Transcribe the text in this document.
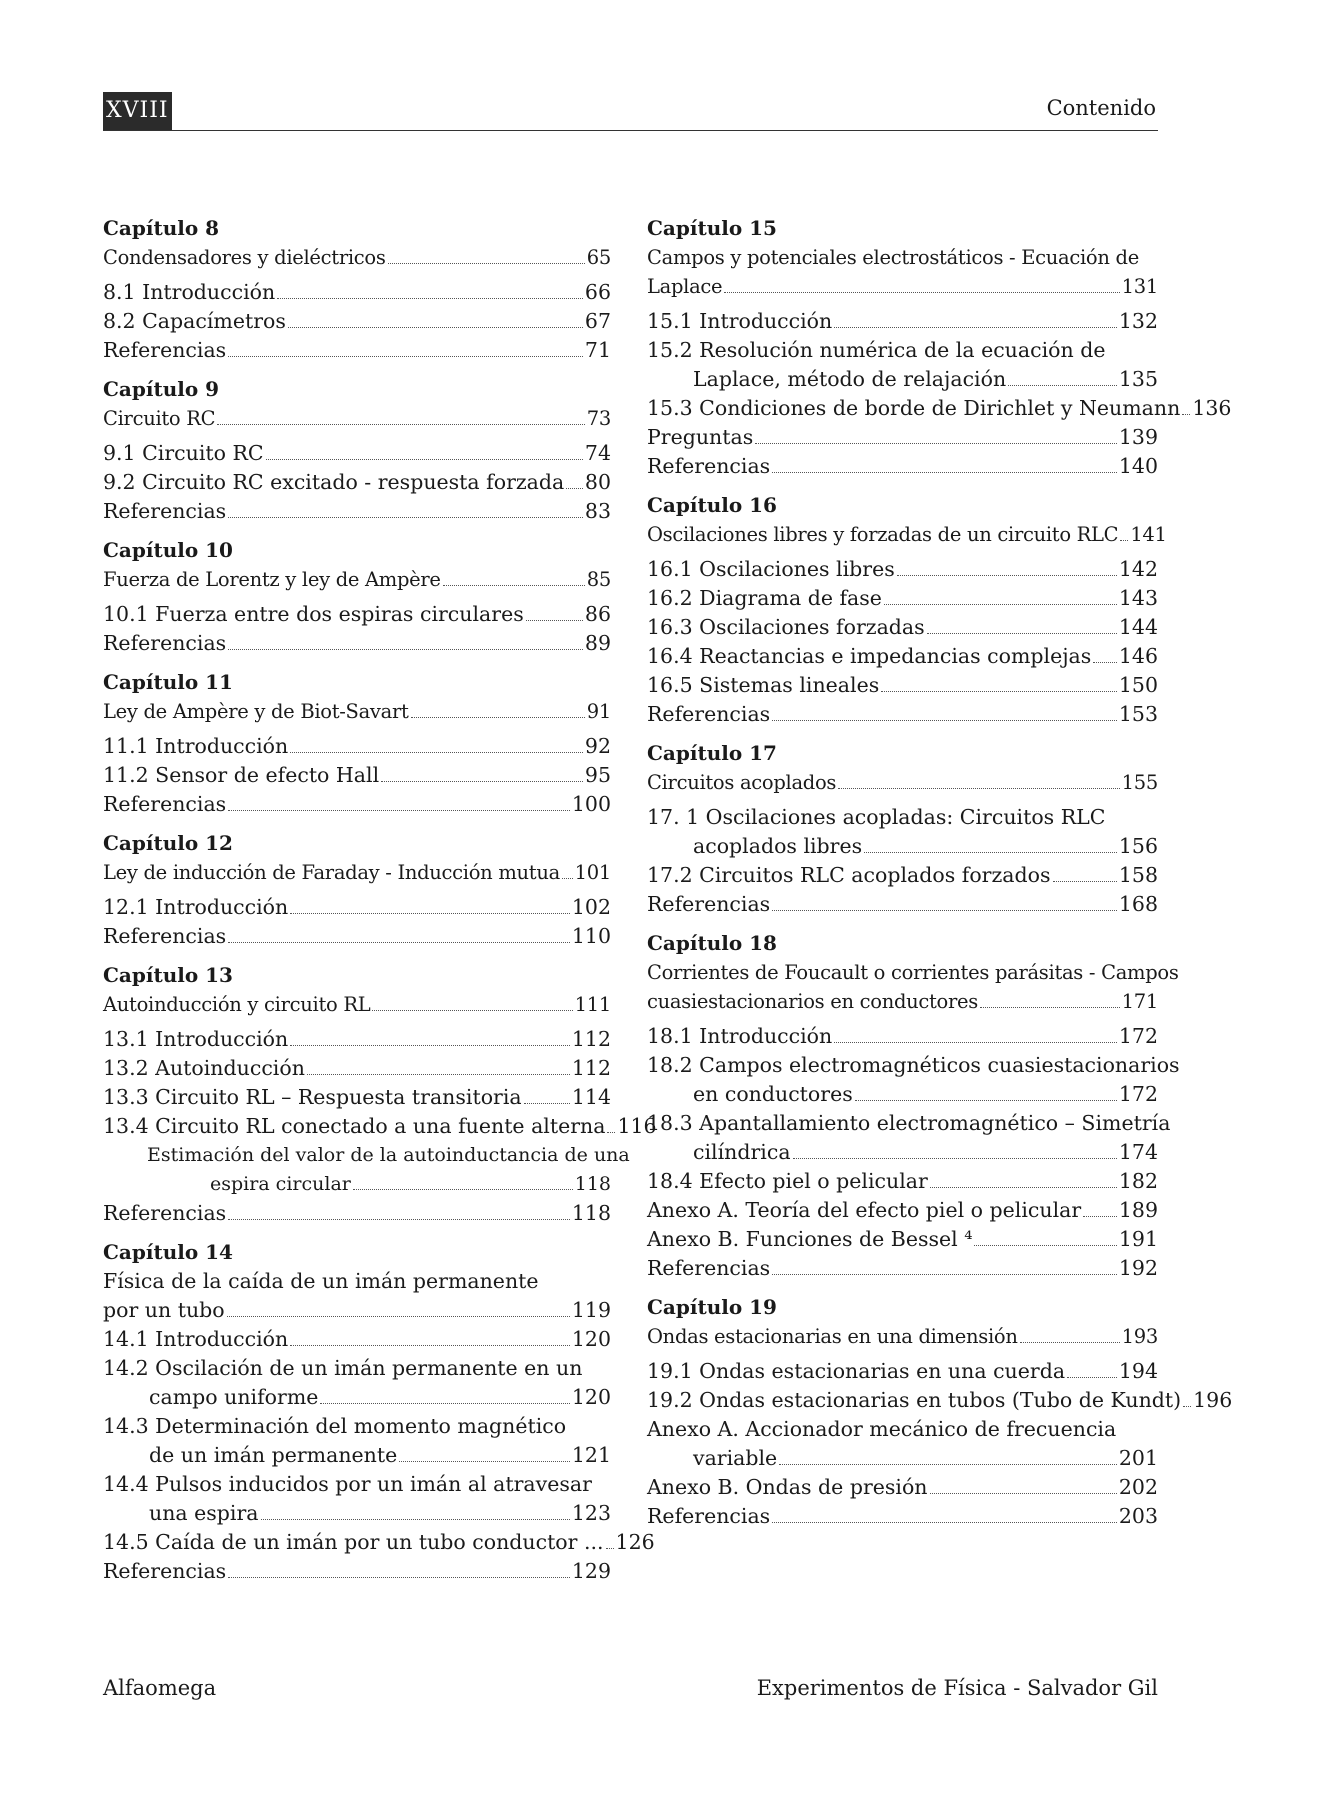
XVIII	Contenido
Capítulo 8
Condensadores y dieléctricos	65
8.1 Introducción	66
8.2 Capacímetros	67
Referencias	71
Capítulo 9
Circuito RC	73
9.1 Circuito RC	74
9.2 Circuito RC excitado - respuesta forzada 80
Referencias	83
Capítulo 10
Fuerza de Lorentz y ley de Ampère	85
10.1 Fuerza entre dos espiras circulares	86
Referencias	89
Capítulo 11
Ley de Ampère y de Biot-Savart	91
11.1 Introducción	92
11.2 Sensor de efecto Hall	95
Referencias	100
Capítulo 12
Ley de inducción de Faraday - Inducción mutua 101
12.1 Introducción	102
Referencias	110
Capítulo 13
Autoinducción y circuito RL	111
13.1 Introducción	112
13.2 Autoinducción	112
13.3 Circuito RL – Respuesta transitoria 114
13.4 Circuito RL conectado a una fuente alterna 116
Estimación del valor de la autoinductancia de una
espira circular	118
Referencias	118
Capítulo 14
Física de la caída de un imán permanente
por un tubo	119
14.1 Introducción	120
14.2 Oscilación de un imán permanente en un
campo uniforme	120
14.3 Determinación del momento magnético
de un imán permanente	121
14.4 Pulsos inducidos por un imán al atravesar
una espira	123
14.5 Caída de un imán por un tubo conductor ... 126
Referencias	129
Capítulo 15
Campos y potenciales electrostáticos - Ecuación de
Laplace	131
15.1 Introducción	132
15.2 Resolución numérica de la ecuación de
Laplace, método de relajación	135
15.3 Condiciones de borde de Dirichlet y Neumann 136
Preguntas	139
Referencias	140
Capítulo 16
Oscilaciones libres y forzadas de un circuito RLC 141
16.1 Oscilaciones libres	142
16.2 Diagrama de fase	143
16.3 Oscilaciones forzadas	144
16.4 Reactancias e impedancias complejas 146
16.5 Sistemas lineales	150
Referencias	153
Capítulo 17
Circuitos acoplados	155
17. 1 Oscilaciones acopladas: Circuitos RLC
acoplados libres	156
17.2 Circuitos RLC acoplados forzados	158
Referencias	168
Capítulo 18
Corrientes de Foucault o corrientes parásitas - Campos
cuasiestacionarios en conductores	171
18.1 Introducción	172
18.2 Campos electromagnéticos cuasiestacionarios
en conductores	172
18.3 Apantallamiento electromagnético – Simetría
cilíndrica	174
18.4 Efecto piel o pelicular	182
Anexo A. Teoría del efecto piel o pelicular 189
Anexo B. Funciones de Bessel ⁴	191
Referencias	192
Capítulo 19
Ondas estacionarias en una dimensión	193
19.1 Ondas estacionarias en una cuerda	194
19.2 Ondas estacionarias en tubos (Tubo de Kundt) 196
Anexo A. Accionador mecánico de frecuencia
variable	201
Anexo B. Ondas de presión	202
Referencias	203
Alfaomega	Experimentos de Física - Salvador Gil
